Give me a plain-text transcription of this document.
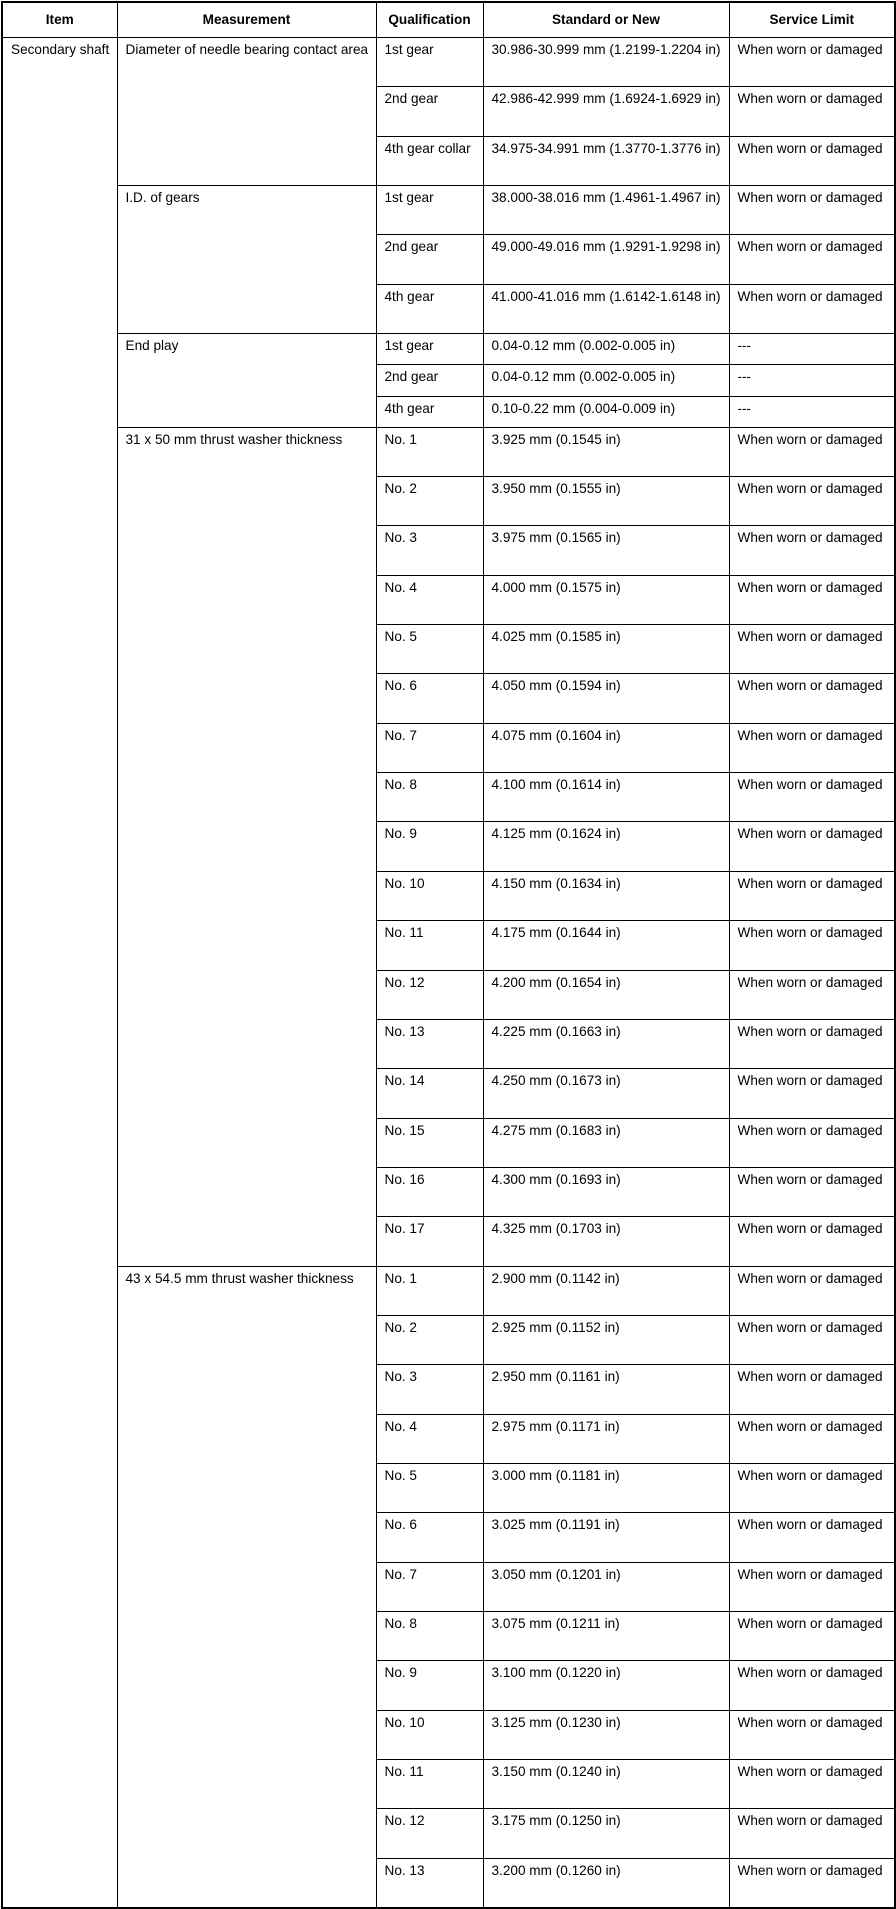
Item	Measurement	Qualification	Standard or New	Service Limit
Secondary shaft	Diameter of needle bearing contact area	1st gear	30.986-30.999 mm (1.2199-1.2204 in)	When worn or damaged
		2nd gear	42.986-42.999 mm (1.6924-1.6929 in)	When worn or damaged
		4th gear collar	34.975-34.991 mm (1.3770-1.3776 in)	When worn or damaged
	I.D. of gears	1st gear	38.000-38.016 mm (1.4961-1.4967 in)	When worn or damaged
		2nd gear	49.000-49.016 mm (1.9291-1.9298 in)	When worn or damaged
		4th gear	41.000-41.016 mm (1.6142-1.6148 in)	When worn or damaged
	End play	1st gear	0.04-0.12 mm (0.002-0.005 in)	---
		2nd gear	0.04-0.12 mm (0.002-0.005 in)	---
		4th gear	0.10-0.22 mm (0.004-0.009 in)	---
	31 x 50 mm thrust washer thickness	No. 1	3.925 mm (0.1545 in)	When worn or damaged
		No. 2	3.950 mm (0.1555 in)	When worn or damaged
		No. 3	3.975 mm (0.1565 in)	When worn or damaged
		No. 4	4.000 mm (0.1575 in)	When worn or damaged
		No. 5	4.025 mm (0.1585 in)	When worn or damaged
		No. 6	4.050 mm (0.1594 in)	When worn or damaged
		No. 7	4.075 mm (0.1604 in)	When worn or damaged
		No. 8	4.100 mm (0.1614 in)	When worn or damaged
		No. 9	4.125 mm (0.1624 in)	When worn or damaged
		No. 10	4.150 mm (0.1634 in)	When worn or damaged
		No. 11	4.175 mm (0.1644 in)	When worn or damaged
		No. 12	4.200 mm (0.1654 in)	When worn or damaged
		No. 13	4.225 mm (0.1663 in)	When worn or damaged
		No. 14	4.250 mm (0.1673 in)	When worn or damaged
		No. 15	4.275 mm (0.1683 in)	When worn or damaged
		No. 16	4.300 mm (0.1693 in)	When worn or damaged
		No. 17	4.325 mm (0.1703 in)	When worn or damaged
	43 x 54.5 mm thrust washer thickness	No. 1	2.900 mm (0.1142 in)	When worn or damaged
		No. 2	2.925 mm (0.1152 in)	When worn or damaged
		No. 3	2.950 mm (0.1161 in)	When worn or damaged
		No. 4	2.975 mm (0.1171 in)	When worn or damaged
		No. 5	3.000 mm (0.1181 in)	When worn or damaged
		No. 6	3.025 mm (0.1191 in)	When worn or damaged
		No. 7	3.050 mm (0.1201 in)	When worn or damaged
		No. 8	3.075 mm (0.1211 in)	When worn or damaged
		No. 9	3.100 mm (0.1220 in)	When worn or damaged
		No. 10	3.125 mm (0.1230 in)	When worn or damaged
		No. 11	3.150 mm (0.1240 in)	When worn or damaged
		No. 12	3.175 mm (0.1250 in)	When worn or damaged
		No. 13	3.200 mm (0.1260 in)	When worn or damaged
